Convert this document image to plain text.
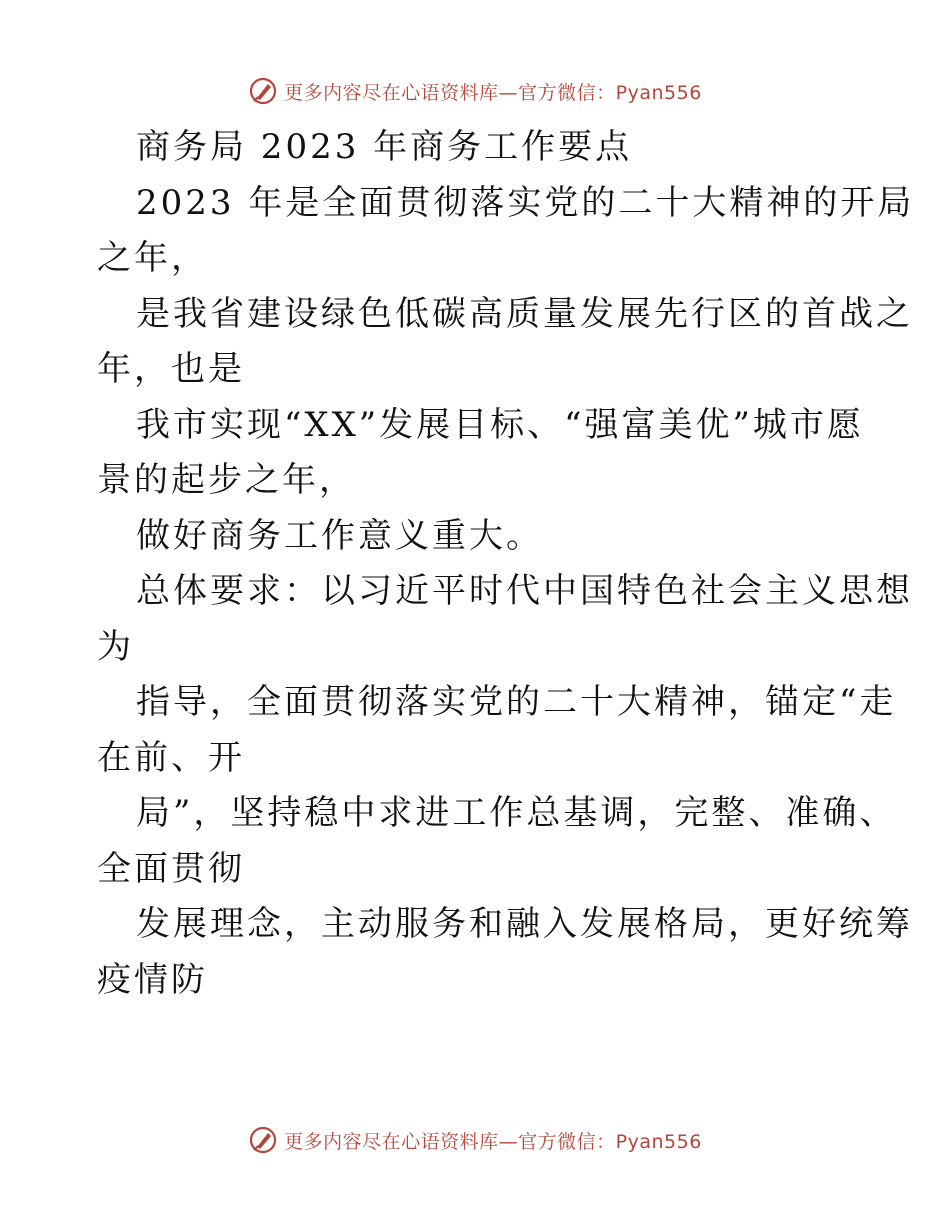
更多内容尽在心语资料库—官方微信：Pyan556
商务局 2023 年商务工作要点
2023 年是全面贯彻落实党的二十大精神的开局
之年，
是我省建设绿色低碳高质量发展先行区的首战之
年，也是
我市实现“XX”发展目标、“强富美优”城市愿
景的起步之年，
做好商务工作意义重大。
总体要求：以习近平时代中国特色社会主义思想
为
指导，全面贯彻落实党的二十大精神，锚定“走
在前、开
局”，坚持稳中求进工作总基调，完整、准确、
全面贯彻
发展理念，主动服务和融入发展格局，更好统筹
疫情防
更多内容尽在心语资料库—官方微信：Pyan556
